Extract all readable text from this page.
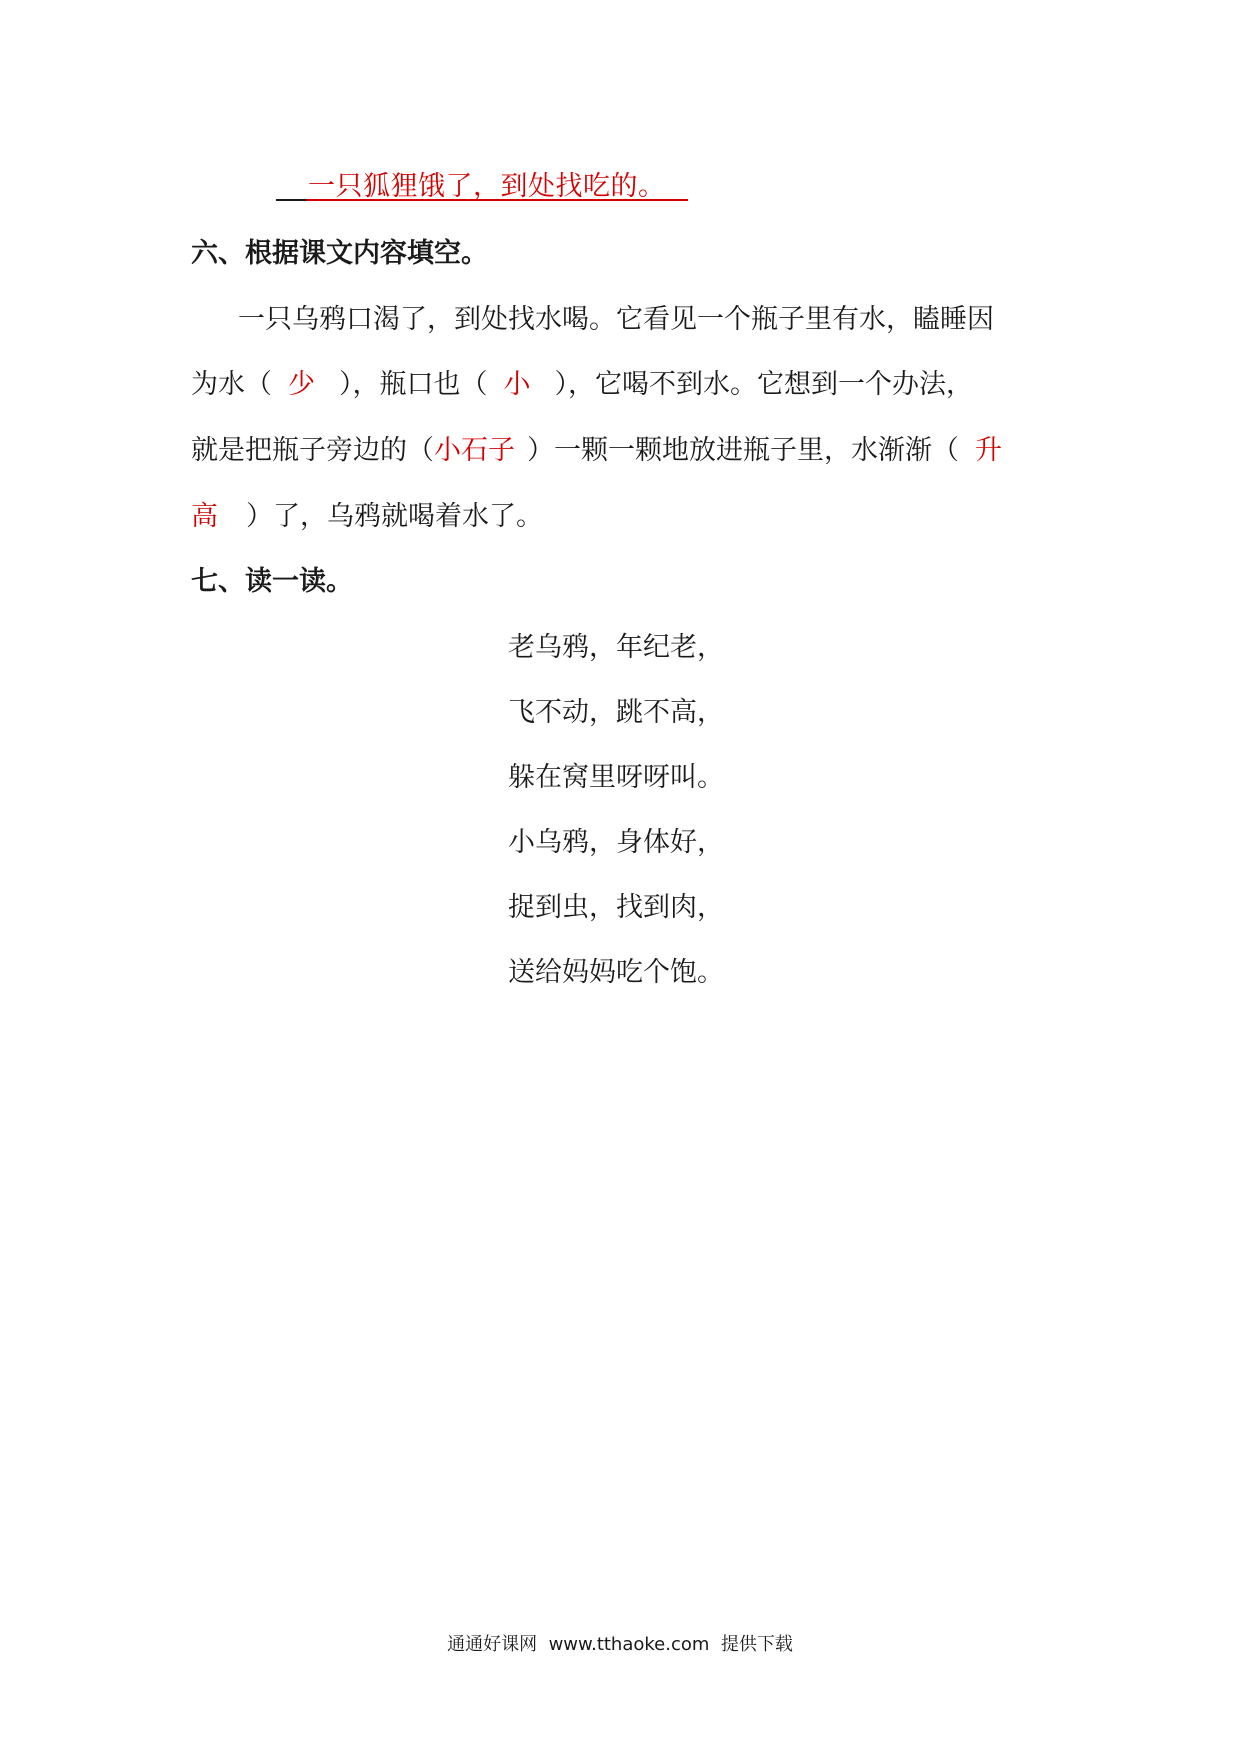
一只狐狸饿了，到处找吃的。
六、根据课文内容填空。
一只乌鸦口渴了，到处找水喝。它看见一个瓶子里有水，瞌睡因
为水（ 少 ），瓶口也（ 小 ），它喝不到水。它想到一个办法，
就是把瓶子旁边的（小石子 ）一颗一颗地放进瓶子里，水渐渐（ 升
高 ）了，乌鸦就喝着水了。
七、读一读。
老乌鸦，年纪老，
飞不动，跳不高，
躲在窝里呀呀叫。
小乌鸦，身体好，
捉到虫，找到肉，
送给妈妈吃个饱。
通通好课网  www.tthaoke.com  提供下载
